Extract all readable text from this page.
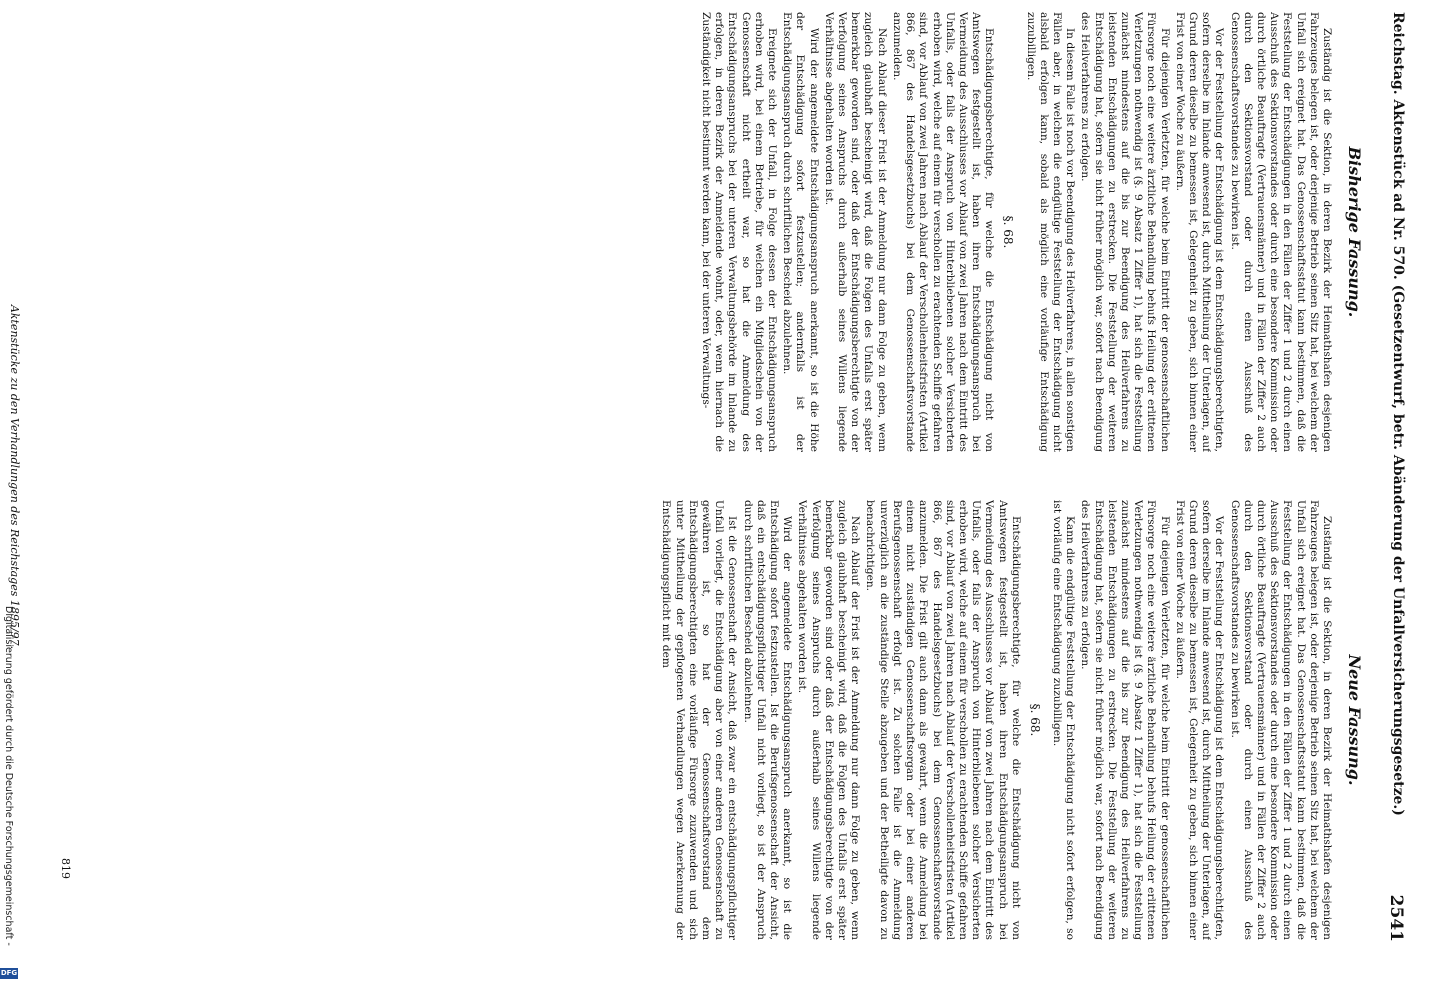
Reichstag. Aktenstück ad Nr. 570. (Gesetzentwurf, betr. Abänderung der Unfallversicherungsgesetze.)
2541
Bisherige Fassung.

Zuständig ist die Sektion, in deren Bezirk der Heimathshafen desjenigen Fahrzeuges belegen ist, oder derjenige Betrieb seinen Sitz hat, bei welchem der Unfall sich ereignet hat. Das Genossenschaftsstatut kann bestimmen, daß die Feststellung der Entschädigungen in den Fällen der Ziffer 1 und 2 durch einen Ausschuß des Sektionsvorstandes oder durch eine besondere Kommission oder durch örtliche Beauftragte (Vertrauensmänner) und in Fällen der Ziffer 2 auch durch den Sektionsvorstand oder durch einen Ausschuß des Genossenschaftsvorstandes zu bewirken ist.

Vor der Feststellung der Entschädigung ist dem Entschädigungsberechtigten, sofern derselbe im Inlande anwesend ist, durch Mittheilung der Unterlagen, auf Grund deren dieselbe zu bemessen ist, Gelegenheit zu geben, sich binnen einer Frist von einer Woche zu äußern.

Für diejenigen Verletzten, für welche beim Eintritt der genossenschaftlichen Fürsorge noch eine weitere ärztliche Behandlung behufs Heilung der erlittenen Verletzungen nothwendig ist (§. 9 Absatz 1 Ziffer 1), hat sich die Feststellung zunächst mindestens auf die bis zur Beendigung des Heilverfahrens zu leistenden Entschädigungen zu erstrecken. Die Feststellung der weiteren Entschädigung hat, sofern sie nicht früher möglich war, sofort nach Beendigung des Heilverfahrens zu erfolgen.

In diesem Falle ist noch vor Beendigung des Heilverfahrens, in allen sonstigen Fällen aber, in welchen die endgültige Feststellung der Entschädigung nicht alsbald erfolgen kann, sobald als möglich eine vorläufige Entschädigung zuzubilligen.

§. 68.

Entschädigungsberechtigte, für welche die Entschädigung nicht von Amtswegen festgestellt ist, haben ihren Entschädigungsanspruch bei Vermeidung des Ausschlusses vor Ablauf von zwei Jahren nach dem Eintritt des Unfalls, oder falls der Anspruch von Hinterbliebenen solcher Versicherten erhoben wird, welche auf einem für verschollen zu erachtenden Schiffe gefahren sind, vor Ablauf von zwei Jahren nach Ablauf der Verschollenheitsfristen (Artikel 866, 867 des Handelsgesetzbuchs) bei dem Genossenschaftsvorstande anzumelden.

Nach Ablauf dieser Frist ist der Anmeldung nur dann Folge zu geben, wenn zugleich glaubhaft bescheinigt wird, daß die Folgen des Unfalls erst später bemerkbar geworden sind, oder daß der Entschädigungsberechtigte von der Verfolgung seines Anspruchs durch außerhalb seines Willens liegende Verhältnisse abgehalten worden ist.

Wird der angemeldete Entschädigungsanspruch anerkannt, so ist die Höhe der Entschädigung sofort festzustellen; andernfalls ist der Entschädigungsanspruch durch schriftlichen Bescheid abzulehnen.

Ereignete sich der Unfall, in Folge dessen der Entschädigungsanspruch erhoben wird, bei einem Betriebe, für welchen ein Mitgliedschein von der Genossenschaft nicht ertheilt war, so hat die Anmeldung des Entschädigungsanspruchs bei der unteren Verwaltungsbehörde im Inlande zu erfolgen, in deren Bezirk der Anmeldende wohnt, oder, wenn hiernach die Zuständigkeit nicht bestimmt werden kann, bei der unteren Verwaltungs-

Neue Fassung.

Zuständig ist die Sektion, in deren Bezirk der Heimathshafen desjenigen Fahrzeuges belegen ist, oder derjenige Betrieb seinen Sitz hat, bei welchem der Unfall sich ereignet hat. Das Genossenschaftsstatut kann bestimmen, daß die Feststellung der Entschädigungen in den Fällen der Ziffer 1 und 2 durch einen Ausschuß des Sektionsvorstandes oder durch eine besondere Kommission oder durch örtliche Beauftragte (Vertrauensmänner) und in Fällen der Ziffer 2 auch durch den Sektionsvorstand oder durch einen Ausschuß des Genossenschaftsvorstandes zu bewirken ist.

Vor der Feststellung der Entschädigung ist dem Entschädigungsberechtigten, sofern derselbe im Inlande anwesend ist, durch Mittheilung der Unterlagen, auf Grund deren dieselbe zu bemessen ist, Gelegenheit zu geben, sich binnen einer Frist von einer Woche zu äußern.

Für diejenigen Verletzten, für welche beim Eintritt der genossenschaftlichen Fürsorge noch eine weitere ärztliche Behandlung behufs Heilung der erlittenen Verletzungen nothwendig ist (§. 9 Absatz 1 Ziffer 1), hat sich die Feststellung zunächst mindestens auf die bis zur Beendigung des Heilverfahrens zu leistenden Entschädigungen zu erstrecken. Die Feststellung der weiteren Entschädigung hat, sofern sie nicht früher möglich war, sofort nach Beendigung des Heilverfahrens zu erfolgen.

Kann die endgültige Feststellung der Entschädigung nicht sofort erfolgen, so ist vorläufig eine Entschädigung zuzubilligen.

§. 68.

Entschädigungsberechtigte, für welche die Entschädigung nicht von Amtswegen festgestellt ist, haben ihren Entschädigungsanspruch bei Vermeidung des Ausschlusses vor Ablauf von zwei Jahren nach dem Eintritt des Unfalls, oder falls der Anspruch von Hinterbliebenen solcher Versicherten erhoben wird, welche auf einem für verschollen zu erachtenden Schiffe gefahren sind, vor Ablauf von zwei Jahren nach Ablauf der Verschollenheitsfristen (Artikel 866, 867 des Handelsgesetzbuchs) bei dem Genossenschaftsvorstande anzumelden. Die Frist gilt auch dann als gewahrt, wenn die Anmeldung bei einem nicht zuständigen Genossenschaftsorgan oder bei einer anderen Berufsgenossenschaft erfolgt ist. Zu solchen Falle ist die Anmeldung unverzüglich an die zuständige Stelle abzugeben und der Betheiligte davon zu benachrichtigen.

Nach Ablauf der Frist ist der Anmeldung nur dann Folge zu geben, wenn zugleich glaubhaft bescheinigt wird, daß die Folgen des Unfalls erst später bemerkbar geworden sind oder daß der Entschädigungsberechtigte von der Verfolgung seines Anspruchs durch außerhalb seines Willens liegende Verhältnisse abgehalten worden ist.

Wird der angemeldete Entschädigungsanspruch anerkannt, so ist die Entschädigung sofort festzustellen. Ist die Berufsgenossenschaft der Ansicht, daß ein entschädigungspflichtiger Unfall nicht vorliegt, so ist der Anspruch durch schriftlichen Bescheid abzulehnen.

Ist die Genossenschaft der Ansicht, daß zwar ein entschädigungspflichtiger Unfall vorliegt, die Entschädigung aber von einer anderen Genossenschaft zu gewähren ist, so hat der Genossenschaftsvorstand dem Entschädigungsberechtigten eine vorläufige Fürsorge zuzuwenden und sich unter Mittheilung der gepflogenen Verhandlungen wegen Anerkennung der Entschädigungspflicht mit dem

Aktenstücke zu den Verhandlungen des Reichstages 1895/97.
819
Digitalisierung gefördert durch die Deutsche Forschungsgemeinschaft -
DFG
